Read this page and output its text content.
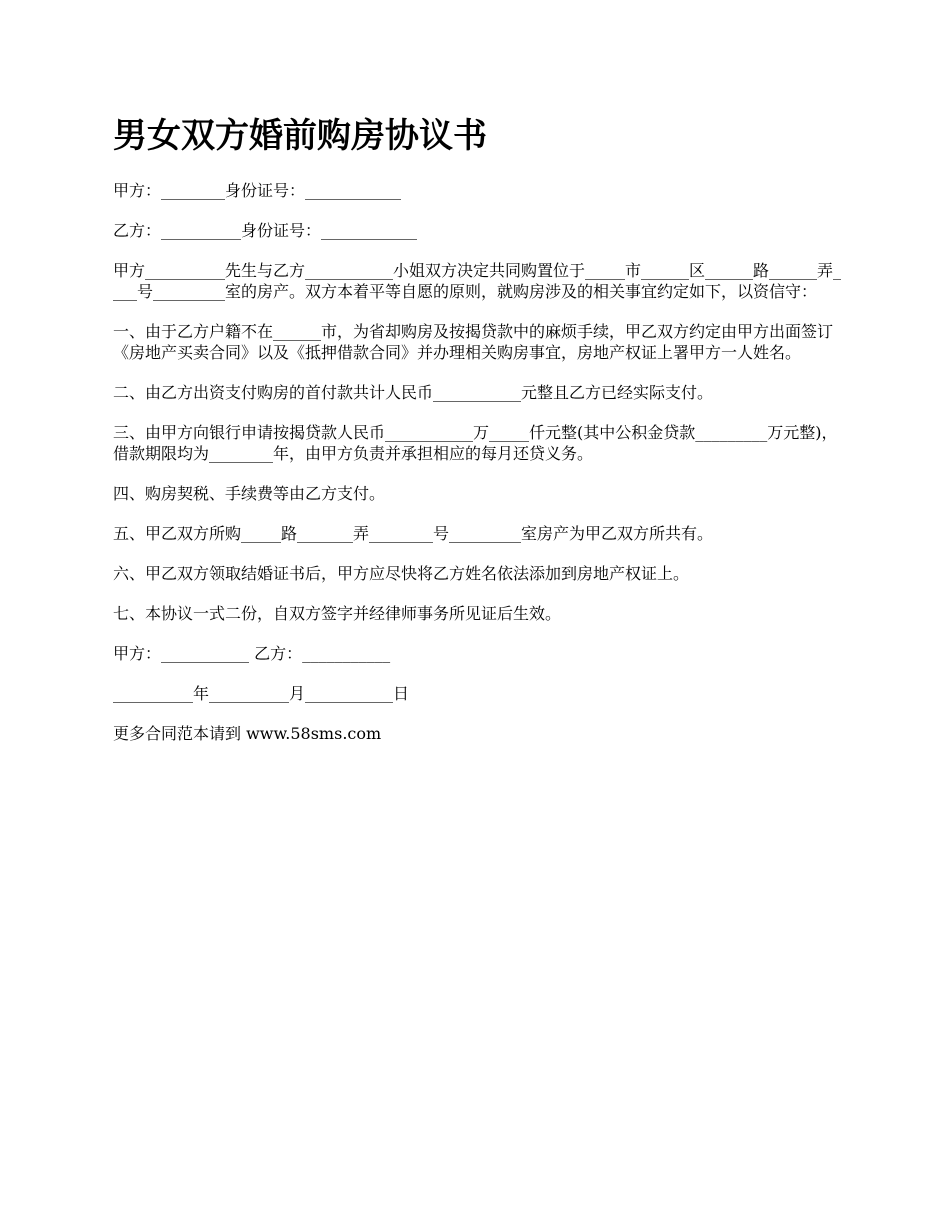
男女双方婚前购房协议书

甲方：________身份证号：____________

乙方：__________身份证号：____________

甲方__________先生与乙方___________小姐双方决定共同购置位于_____市______区______路______弄____号_________室的房产。双方本着平等自愿的原则，就购房涉及的相关事宜约定如下，以资信守：

一、由于乙方户籍不在______市，为省却购房及按揭贷款中的麻烦手续，甲乙双方约定由甲方出面签订《房地产买卖合同》以及《抵押借款合同》并办理相关购房事宜，房地产权证上署甲方一人姓名。

二、由乙方出资支付购房的首付款共计人民币___________元整且乙方已经实际支付。

三、由甲方向银行申请按揭贷款人民币___________万_____仟元整(其中公积金贷款_________万元整)，借款期限均为________年，由甲方负责并承担相应的每月还贷义务。

四、购房契税、手续费等由乙方支付。

五、甲乙双方所购_____路_______弄________号_________室房产为甲乙双方所共有。

六、甲乙双方领取结婚证书后，甲方应尽快将乙方姓名依法添加到房地产权证上。

七、本协议一式二份，自双方签字并经律师事务所见证后生效。

甲方：___________ 乙方：___________

__________年__________月___________日

更多合同范本请到 www.58sms.com
